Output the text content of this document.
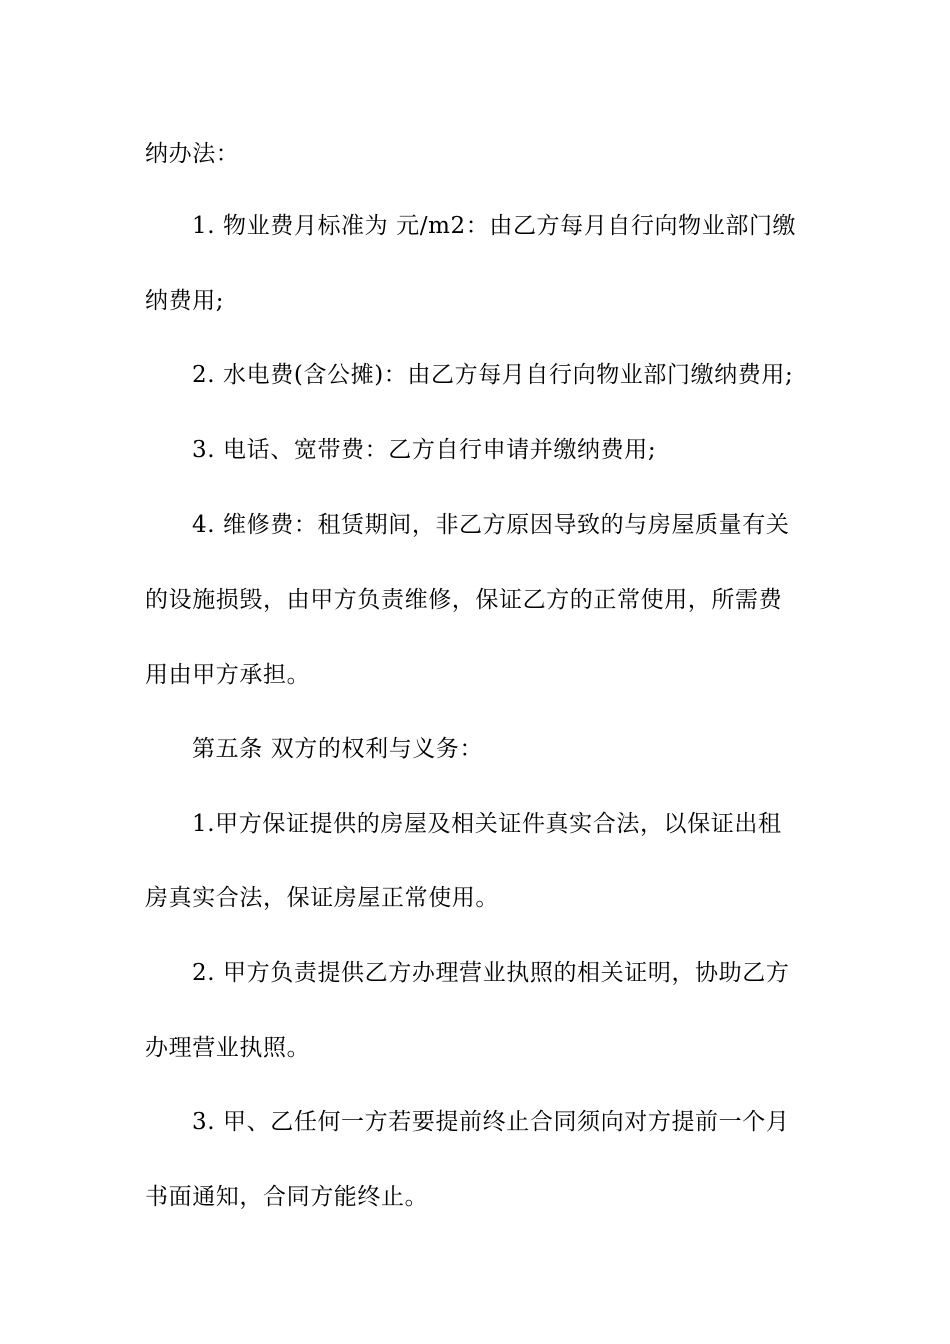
纳办法：
1. 物业费月标准为 元/m2：由乙方每月自行向物业部门缴
纳费用;
2. 水电费(含公摊)：由乙方每月自行向物业部门缴纳费用;
3. 电话、宽带费：乙方自行申请并缴纳费用;
4. 维修费：租赁期间，非乙方原因导致的与房屋质量有关
的设施损毁，由甲方负责维修，保证乙方的正常使用，所需费
用由甲方承担。
第五条 双方的权利与义务：
1.甲方保证提供的房屋及相关证件真实合法，以保证出租
房真实合法，保证房屋正常使用。
2. 甲方负责提供乙方办理营业执照的相关证明，协助乙方
办理营业执照。
3. 甲、乙任何一方若要提前终止合同须向对方提前一个月
书面通知，合同方能终止。
